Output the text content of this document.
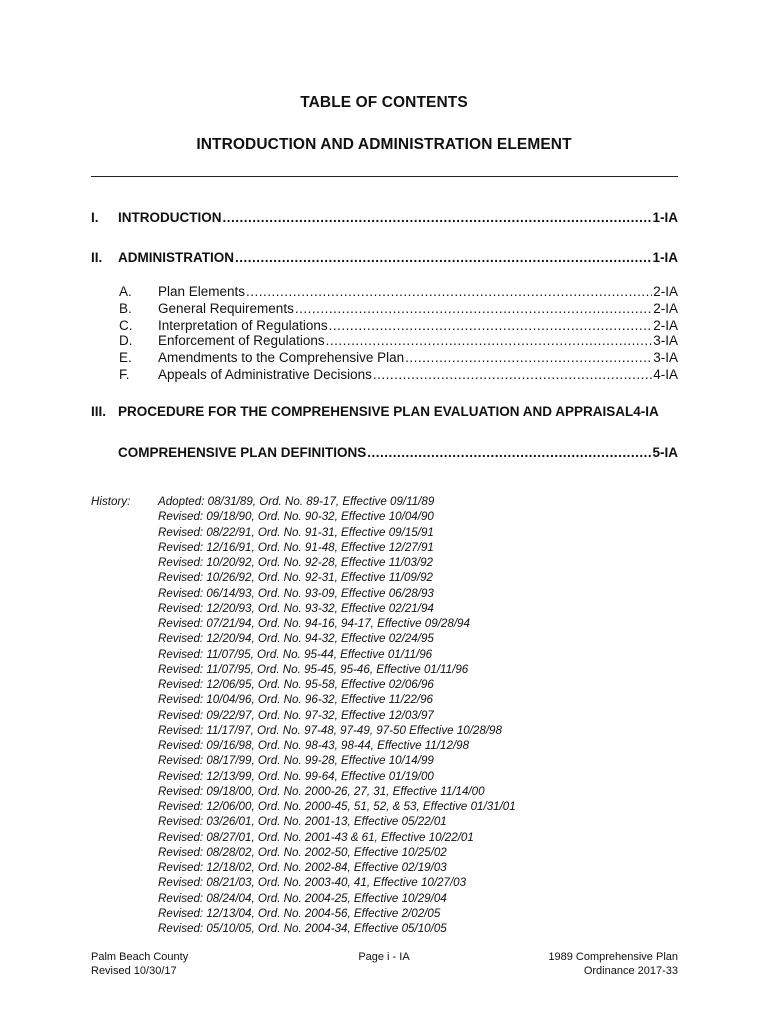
TABLE OF CONTENTS
INTRODUCTION AND ADMINISTRATION ELEMENT
I.	INTRODUCTION .....	1-IA
II.	ADMINISTRATION .....	1-IA
A.	Plan Elements .....	2-IA
B.	General Requirements .....	2-IA
C.	Interpretation of Regulations .....	2-IA
D.	Enforcement of Regulations .....	3-IA
E.	Amendments to the Comprehensive Plan .....	3-IA
F.	Appeals of Administrative Decisions .....	4-IA
III. PROCEDURE FOR THE COMPREHENSIVE PLAN EVALUATION AND APPRAISAL 4-IA
COMPREHENSIVE PLAN DEFINITIONS .....	5-IA
History:	Adopted: 08/31/89, Ord. No. 89-17, Effective 09/11/89
Revised: 09/18/90, Ord. No. 90-32, Effective 10/04/90
Revised: 08/22/91, Ord. No. 91-31, Effective 09/15/91
Revised: 12/16/91, Ord. No. 91-48, Effective 12/27/91
Revised: 10/20/92, Ord. No. 92-28, Effective 11/03/92
Revised: 10/26/92, Ord. No. 92-31, Effective 11/09/92
Revised: 06/14/93, Ord. No. 93-09, Effective 06/28/93
Revised: 12/20/93, Ord. No. 93-32, Effective 02/21/94
Revised: 07/21/94, Ord. No. 94-16, 94-17, Effective 09/28/94
Revised: 12/20/94, Ord. No. 94-32, Effective 02/24/95
Revised: 11/07/95, Ord. No. 95-44, Effective 01/11/96
Revised: 11/07/95, Ord. No. 95-45, 95-46, Effective 01/11/96
Revised: 12/06/95, Ord. No. 95-58, Effective 02/06/96
Revised: 10/04/96, Ord. No. 96-32, Effective 11/22/96
Revised: 09/22/97, Ord. No. 97-32, Effective 12/03/97
Revised: 11/17/97, Ord. No. 97-48, 97-49, 97-50 Effective 10/28/98
Revised: 09/16/98, Ord. No. 98-43, 98-44, Effective 11/12/98
Revised: 08/17/99, Ord. No. 99-28, Effective 10/14/99
Revised: 12/13/99, Ord. No. 99-64, Effective 01/19/00
Revised: 09/18/00, Ord. No. 2000-26, 27, 31, Effective 11/14/00
Revised: 12/06/00, Ord. No. 2000-45, 51, 52, & 53, Effective 01/31/01
Revised: 03/26/01, Ord. No. 2001-13, Effective 05/22/01
Revised: 08/27/01, Ord. No. 2001-43 & 61, Effective 10/22/01
Revised: 08/28/02, Ord. No. 2002-50, Effective 10/25/02
Revised: 12/18/02, Ord. No. 2002-84, Effective 02/19/03
Revised: 08/21/03, Ord. No. 2003-40, 41, Effective 10/27/03
Revised: 08/24/04, Ord. No. 2004-25, Effective 10/29/04
Revised: 12/13/04, Ord. No. 2004-56, Effective 2/02/05
Revised: 05/10/05, Ord. No. 2004-34, Effective 05/10/05
Palm Beach County
Revised 10/30/17
Page i - IA	1989 Comprehensive Plan
Ordinance 2017-33
